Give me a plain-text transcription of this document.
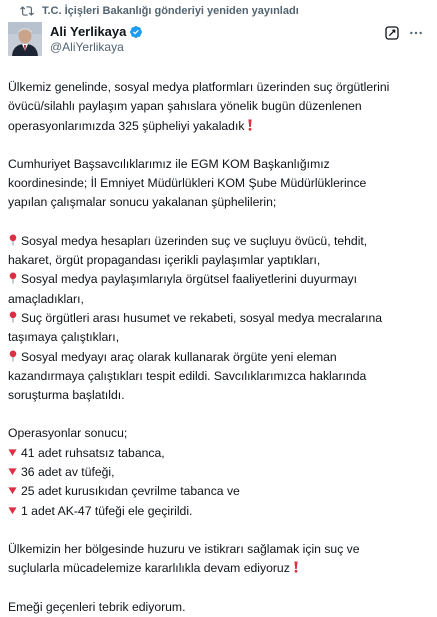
T.C. İçişleri Bakanlığı gönderiyi yeniden yayınladı
Ali Yerlikaya
@AliYerlikaya
Ülkemiz genelinde, sosyal medya platformları üzerinden suç örgütlerini
övücü/silahlı paylaşım yapan şahıslara yönelik bugün düzenlenen
operasyonlarımızda 325 şüpheliyi yakaladık
Cumhuriyet Başsavcılıklarımız ile EGM KOM Başkanlığımız
koordinesinde; İl Emniyet Müdürlükleri KOM Şube Müdürlüklerince
yapılan çalışmalar sonucu yakalanan şüphelilerin;
Sosyal medya hesapları üzerinden suç ve suçluyu övücü, tehdit,
hakaret, örgüt propagandası içerikli paylaşımlar yaptıkları,
Sosyal medya paylaşımlarıyla örgütsel faaliyetlerini duyurmayı
amaçladıkları,
Suç örgütleri arası husumet ve rekabeti, sosyal medya mecralarına
taşımaya çalıştıkları,
Sosyal medyayı araç olarak kullanarak örgüte yeni eleman
kazandırmaya çalıştıkları tespit edildi. Savcılıklarımızca haklarında
soruşturma başlatıldı.
Operasyonlar sonucu;
41 adet ruhsatsız tabanca,
36 adet av tüfeği,
25 adet kurusıkıdan çevrilme tabanca ve
1 adet AK-47 tüfeği ele geçirildi.
Ülkemizin her bölgesinde huzuru ve istikrarı sağlamak için suç ve
suçlularla mücadelemize kararlılıkla devam ediyoruz
Emeği geçenleri tebrik ediyorum.
